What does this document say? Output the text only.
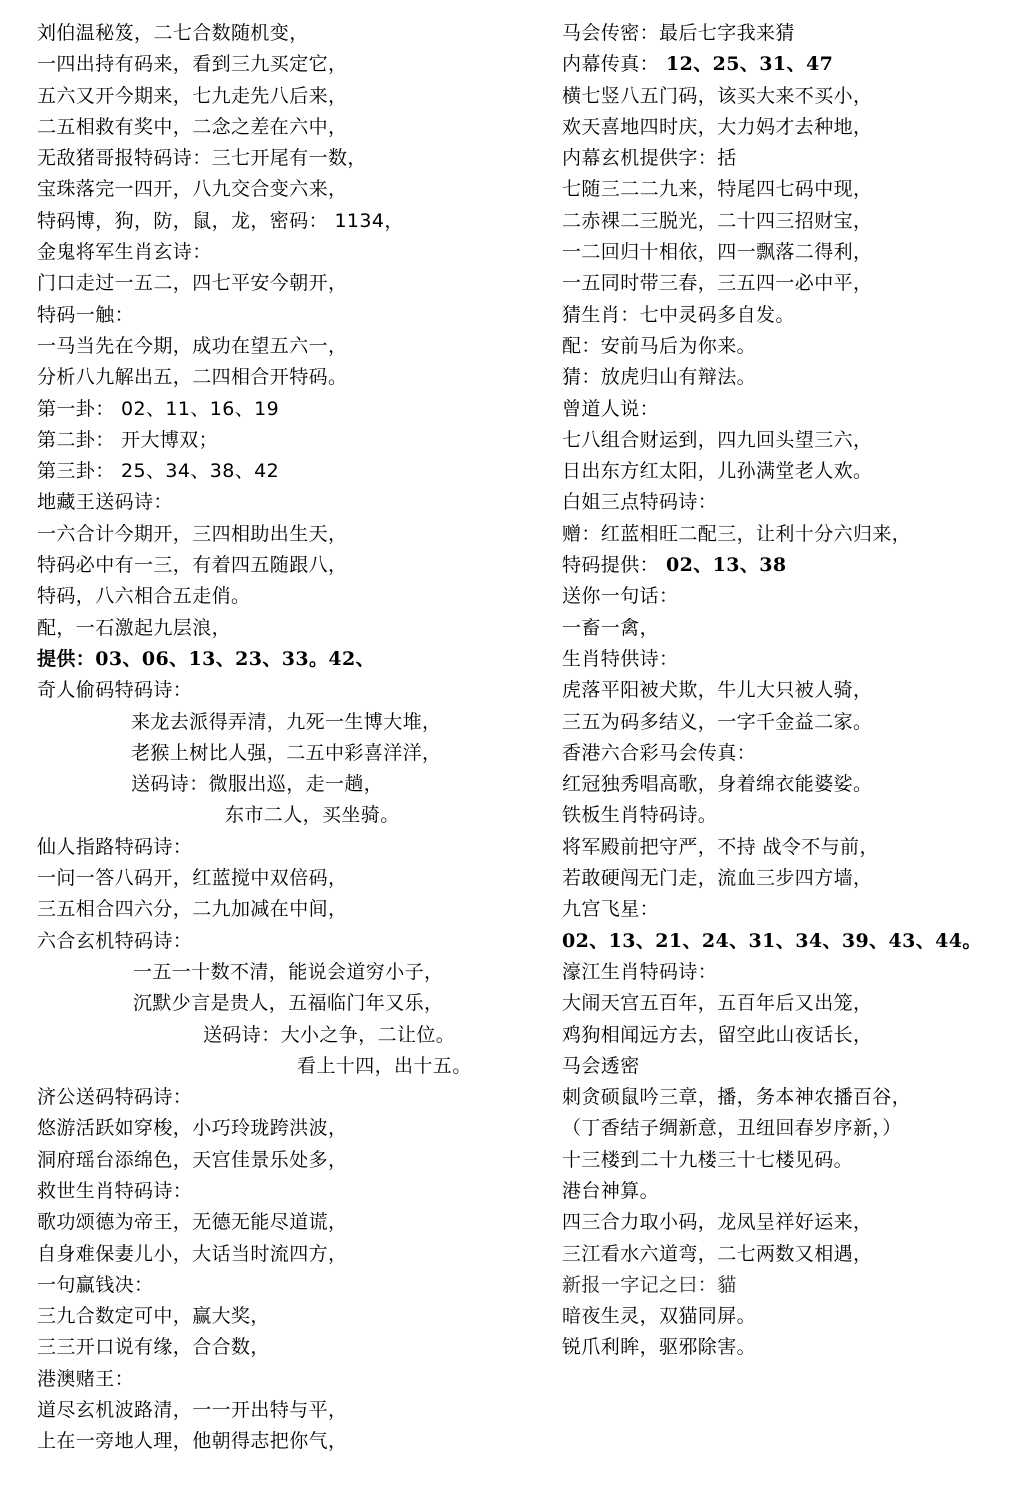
刘伯温秘笈，二七合数随机变，
一四出持有码来，看到三九买定它，
五六又开今期来，七九走先八后来，
二五相救有奖中，二念之差在六中，
无敌猪哥报特码诗：三七开尾有一数，
宝珠落完一四开，八九交合变六来，
特码博，狗，防，鼠，龙，密码： 1134，
金鬼将军生肖玄诗：
门口走过一五二，四七平安今朝开，
特码一触：
一马当先在今期，成功在望五六一，
分析八九解出五，二四相合开特码。
第一卦： 02、11、16、19
第二卦： 开大博双；
第三卦： 25、34、38、42
地藏王送码诗：
一六合计今期开，三四相助出生天，
特码必中有一三，有着四五随跟八，
特码，八六相合五走俏。
配，一石激起九层浪，
提供：03、06、13、23、33。42、
奇人偷码特码诗：
来龙去派得弄清，九死一生博大堆，
老猴上树比人强，二五中彩喜洋洋，
送码诗：微服出巡，走一趟，
东市二人，买坐骑。
仙人指路特码诗：
一问一答八码开，红蓝搅中双倍码，
三五相合四六分，二九加减在中间，
六合玄机特码诗：
一五一十数不清，能说会道穷小子，
沉默少言是贵人，五福临门年又乐，
送码诗：大小之争，二让位。
看上十四，出十五。
济公送码特码诗：
悠游活跃如穿梭，小巧玲珑跨洪波，
洞府瑶台添绵色，天宫佳景乐处多，
救世生肖特码诗：
歌功颂德为帝王，无德无能尽道谎，
自身难保妻儿小，大话当时流四方，
一句赢钱决：
三九合数定可中，赢大奖，
三三开口说有缘，合合数，
港澳赌王：
道尽玄机波路清，一一开出特与平，
上在一旁地人理，他朝得志把你气，
马会传密：最后七字我来猜
内幕传真： 12、25、31、47
横七竖八五门码，该买大来不买小，
欢天喜地四时庆，大力妈才去种地，
内幕玄机提供字：括
七随三二二九来，特尾四七码中现，
二赤裸二三脱光，二十四三招财宝，
一二回归十相依，四一飘落二得利，
一五同时带三春，三五四一必中平，
猜生肖：七中灵码多自发。
配：安前马后为你来。
猜：放虎归山有辩法。
曾道人说：
七八组合财运到，四九回头望三六，
日出东方红太阳，儿孙满堂老人欢。
白姐三点特码诗：
赠：红蓝相旺二配三，让利十分六归来，
特码提供： 02、13、38
送你一句话：
一畜一禽，
生肖特供诗：
虎落平阳被犬欺，牛儿大只被人骑，
三五为码多结义，一字千金益二家。
香港六合彩马会传真：
红冠独秀唱高歌，身着绵衣能婆娑。
铁板生肖特码诗。
将军殿前把守严，不持 战令不与前，
若敢硬闯无门走，流血三步四方墙，
九宫飞星：
02、13、21、24、31、34、39、43、44。
濠江生肖特码诗：
大闹天宫五百年，五百年后又出笼，
鸡狗相闻远方去，留空此山夜话长，
马会透密
刺贪硕鼠吟三章，播，务本神农播百谷，
（丁香结子绸新意，丑纽回春岁序新，）
十三楼到二十九楼三十七楼见码。
港台神算。
四三合力取小码，龙凤呈祥好运来，
三江看水六道弯，二七两数又相遇，
新报一字记之曰：貓
暗夜生灵，双猫同屏。
锐爪利眸，驱邪除害。
